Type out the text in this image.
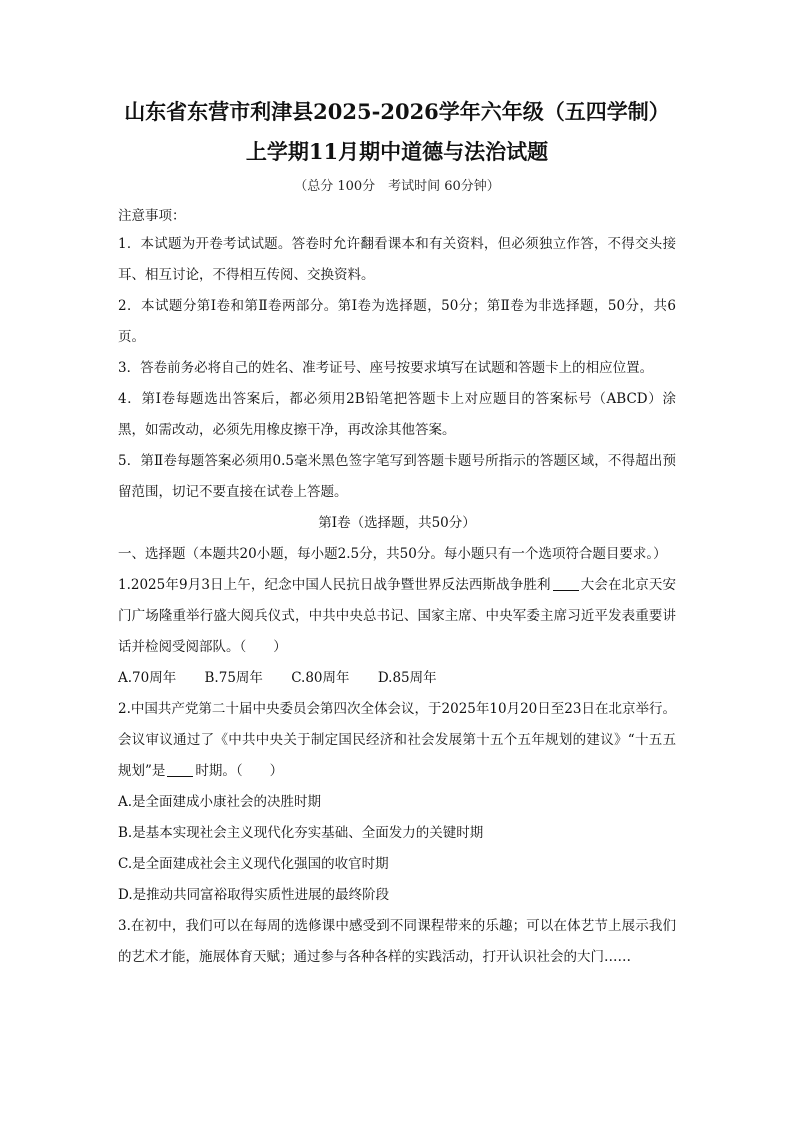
山东省东营市利津县2025-2026学年六年级（五四学制）
上学期11月期中道德与法治试题
（总分 100分　考试时间 60分钟）
注意事项：

1．本试题为开卷考试试题。答卷时允许翻看课本和有关资料，但必须独立作答，不得交头接耳、相互讨论，不得相互传阅、交换资料。

2．本试题分第Ⅰ卷和第Ⅱ卷两部分。第Ⅰ卷为选择题，50分；第Ⅱ卷为非选择题，50分，共6页。

3．答卷前务必将自己的姓名、准考证号、座号按要求填写在试题和答题卡上的相应位置。

4．第Ⅰ卷每题选出答案后，都必须用2B铅笔把答题卡上对应题目的答案标号（ABCD）涂黑，如需改动，必须先用橡皮擦干净，再改涂其他答案。

5．第Ⅱ卷每题答案必须用0.5毫米黑色签字笔写到答题卡题号所指示的答题区域，不得超出预留范围，切记不要直接在试卷上答题。

第Ⅰ卷（选择题，共50分）

一、选择题（本题共20小题，每小题2.5分，共50分。每小题只有一个选项符合题目要求。）

1.2025年9月3日上午，纪念中国人民抗日战争暨世界反法西斯战争胜利 大会在北京天安门广场隆重举行盛大阅兵仪式，中共中央总书记、国家主席、中央军委主席习近平发表重要讲话并检阅受阅部队。（　　）

A.70周年 B.75周年 C.80周年 D.85周年

2.中国共产党第二十届中央委员会第四次全体会议，于2025年10月20日至23日在北京举行。会议审议通过了《中共中央关于制定国民经济和社会发展第十五个五年规划的建议》“十五五规划”是 时期。（　　）

A.是全面建成小康社会的决胜时期

B.是基本实现社会主义现代化夯实基础、全面发力的关键时期

C.是全面建成社会主义现代化强国的收官时期

D.是推动共同富裕取得实质性进展的最终阶段

3.在初中，我们可以在每周的选修课中感受到不同课程带来的乐趣；可以在体艺节上展示我们的艺术才能，施展体育天赋；通过参与各种各样的实践活动，打开认识社会的大门……
